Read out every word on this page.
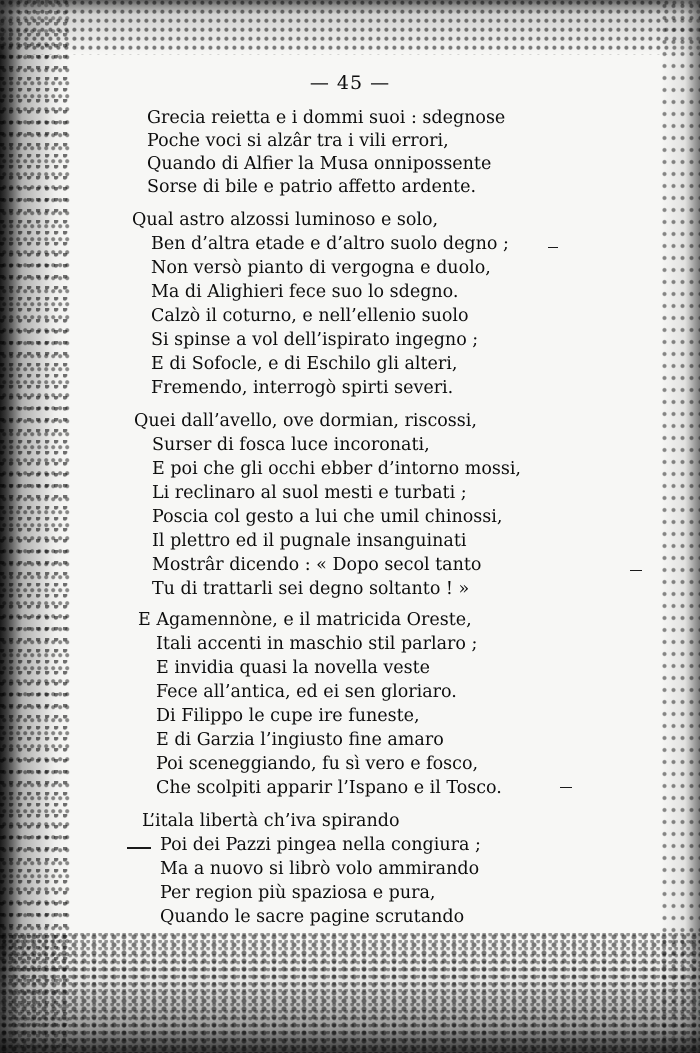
— 45 —
Grecia reietta e i dommi suoi : sdegnose
Poche voci si alzâr tra i vili errori,
Quando di Alfier la Musa onnipossente
Sorse di bile e patrio affetto ardente.
Qual astro alzossi luminoso e solo,
Ben d’altra etade e d’altro suolo degno ;
Non versò pianto di vergogna e duolo,
Ma di Alighieri fece suo lo sdegno.
Calzò il coturno, e nell’ellenio suolo
Si spinse a vol dell’ispirato ingegno ;
E di Sofocle, e di Eschilo gli alteri,
Fremendo, interrogò spirti severi.
Quei dall’avello, ove dormian, riscossi,
Surser di fosca luce incoronati,
E poi che gli occhi ebber d’intorno mossi,
Li reclinaro al suol mesti e turbati ;
Poscia col gesto a lui che umil chinossi,
Il plettro ed il pugnale insanguinati
Mostrâr dicendo : « Dopo secol tanto
Tu di trattarli sei degno soltanto ! »
E Agamennòne, e il matricida Oreste,
Itali accenti in maschio stil parlaro ;
E invidia quasi la novella veste
Fece all’antica, ed ei sen gloriaro.
Di Filippo le cupe ire funeste,
E di Garzia l’ingiusto fine amaro
Poi sceneggiando, fu sì vero e fosco,
Che scolpiti apparir l’Ispano e il Tosco.
L’itala libertà ch’iva spirando
Poi dei Pazzi pingea nella congiura ;
Ma a nuovo si librò volo ammirando
Per region più spaziosa e pura,
Quando le sacre pagine scrutando
